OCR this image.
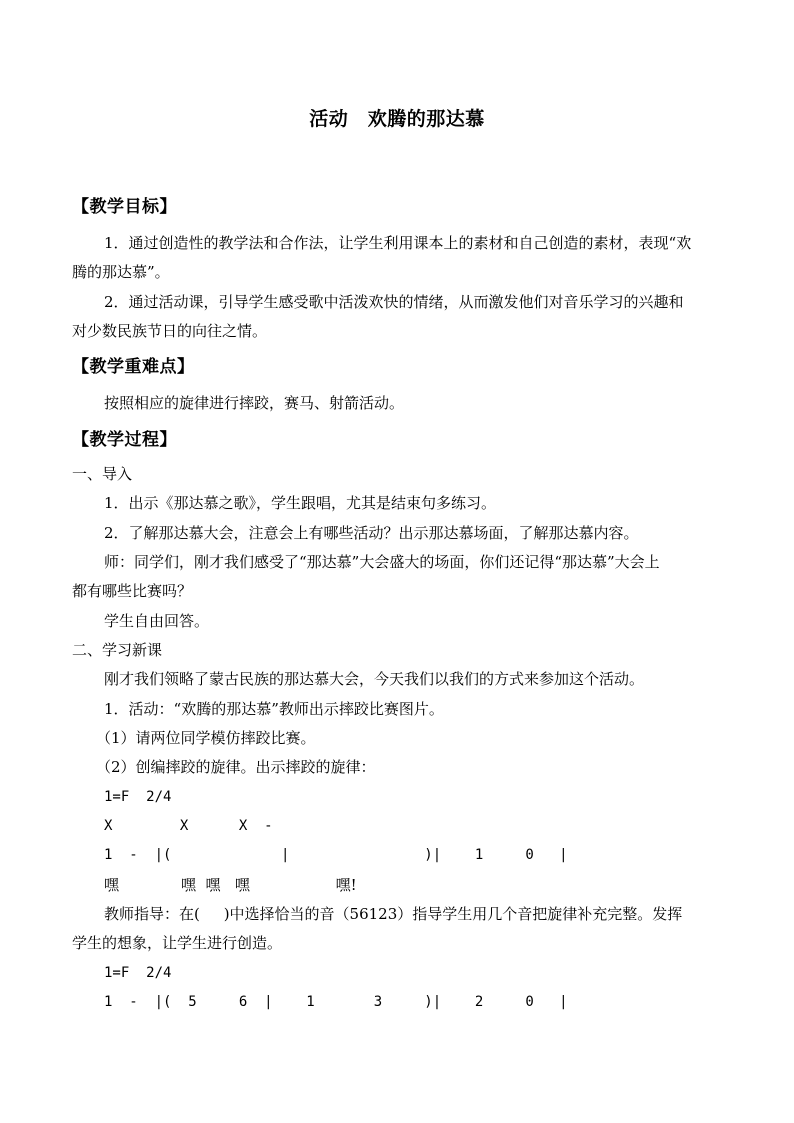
活动　欢腾的那达慕
【教学目标】
1．通过创造性的教学法和合作法，让学生利用课本上的素材和自己创造的素材，表现“欢
腾的那达慕”。
2．通过活动课，引导学生感受歌中活泼欢快的情绪，从而激发他们对音乐学习的兴趣和
对少数民族节日的向往之情。
【教学重难点】
按照相应的旋律进行摔跤，赛马、射箭活动。
【教学过程】
一、导入
1．出示《那达慕之歌》，学生跟唱，尤其是结束句多练习。
2．了解那达慕大会，注意会上有哪些活动？出示那达慕场面，了解那达慕内容。
师：同学们，刚才我们感受了“那达慕”大会盛大的场面，你们还记得“那达慕”大会上
都有哪些比赛吗？
学生自由回答。
二、学习新课
刚才我们领略了蒙古民族的那达慕大会，今天我们以我们的方式来参加这个活动。
1．活动：“欢腾的那达慕”教师出示摔跤比赛图片。
（1）请两位同学模仿摔跤比赛。
（2）创编摔跤的旋律。出示摔跤的旋律：
1=F  2/4
X        X      X  -
1  -  |(             |                )|    1     0   |
嘿             嘿  嘿   嘿                  嘿!
教师指导：在(     )中选择恰当的音（56123）指导学生用几个音把旋律补充完整。发挥
学生的想象，让学生进行创造。
1=F  2/4
1  -  |(  5     6  |    1       3     )|    2     0   |
